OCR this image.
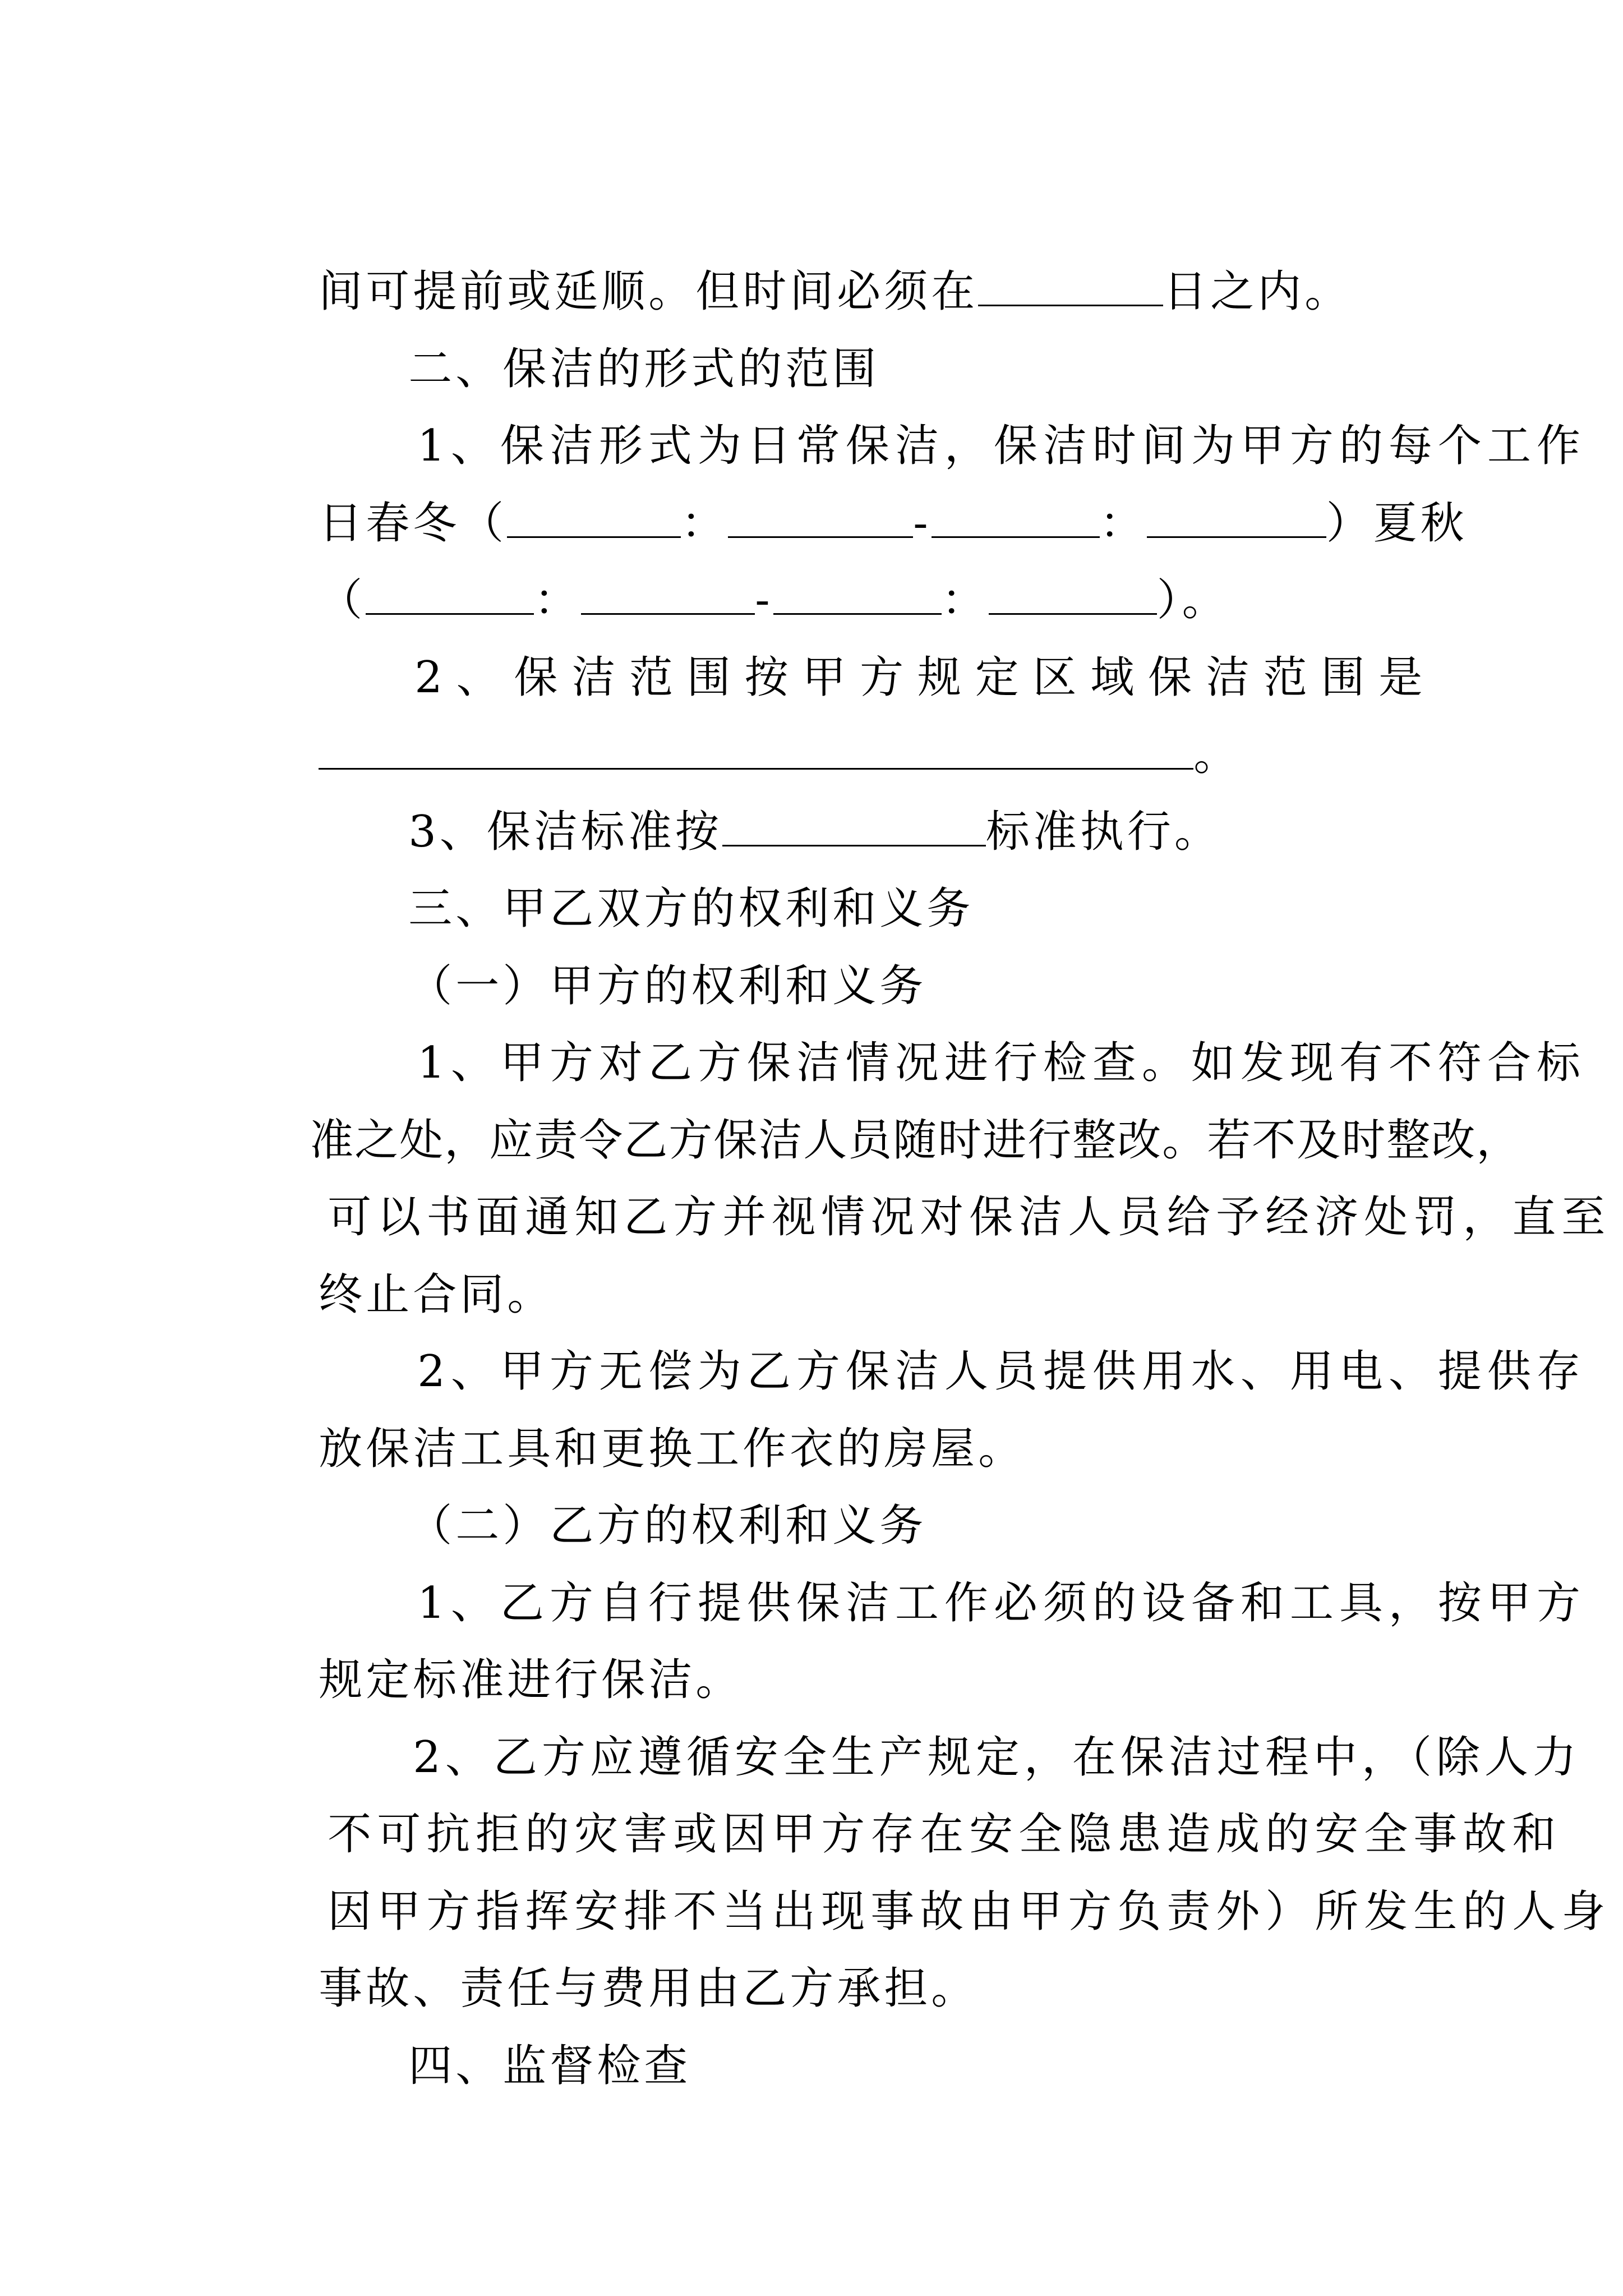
间可提前或延顺。但时间必须在	日之内。

二、保洁的形式的范围

1、保洁形式为日常保洁，保洁时间为甲方的每个工作

日春冬（	：	-	：	）夏秋

（	：	-	：	）。

2 、 保 洁 范 围 按 甲 方 规 定 区 域 保 洁 范 围 是

。

3、保洁标准按	标准执行。

三、甲乙双方的权利和义务

（一）甲方的权利和义务

1、甲方对乙方保洁情况进行检查。如发现有不符合标

准之处，应责令乙方保洁人员随时进行整改。若不及时整改，

可以书面通知乙方并视情况对保洁人员给予经济处罚，直至

终止合同。

2、甲方无偿为乙方保洁人员提供用水、用电、提供存

放保洁工具和更换工作衣的房屋。

（二）乙方的权利和义务

1、乙方自行提供保洁工作必须的设备和工具，按甲方

规定标准进行保洁。

2、乙方应遵循安全生产规定，在保洁过程中，（除人力

不可抗拒的灾害或因甲方存在安全隐患造成的安全事故和

因甲方指挥安排不当出现事故由甲方负责外）所发生的人身

事故、责任与费用由乙方承担。

四、监督检查
